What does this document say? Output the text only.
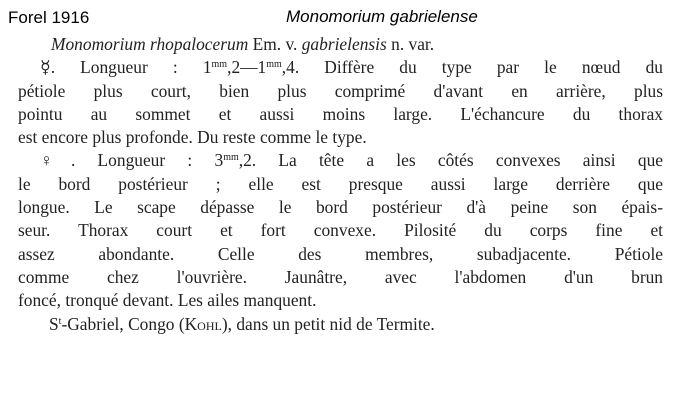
Forel 1916	Monomorium gabrielense
Monomorium rhopalocerum Em. v. gabrielensis n. var.
☿. Longueur : $1^{mm},2—1^{mm},4$. Diffère du type par le nœud du
pétiole plus court, bien plus comprimé d'avant en arrière, plus
pointu au sommet et aussi moins large. L'échancure du thorax
est encore plus profonde. Du reste comme le type.
♀. Longueur : $3^{mm},2$. La tête a les côtés convexes ainsi que
le bord postérieur ; elle est presque aussi large derrière que
longue. Le scape dépasse le bord postérieur d'à peine son épais-
seur. Thorax court et fort convexe. Pilosité du corps fine et
assez abondante. Celle des membres, subadjacente. Pétiole
comme chez l'ouvrière. Jaunâtre, avec l'abdomen d'un brun
foncé, tronqué devant. Les ailes manquent.
$S^t$-Gabriel, Congo (Kohl), dans un petit nid de Termite.
